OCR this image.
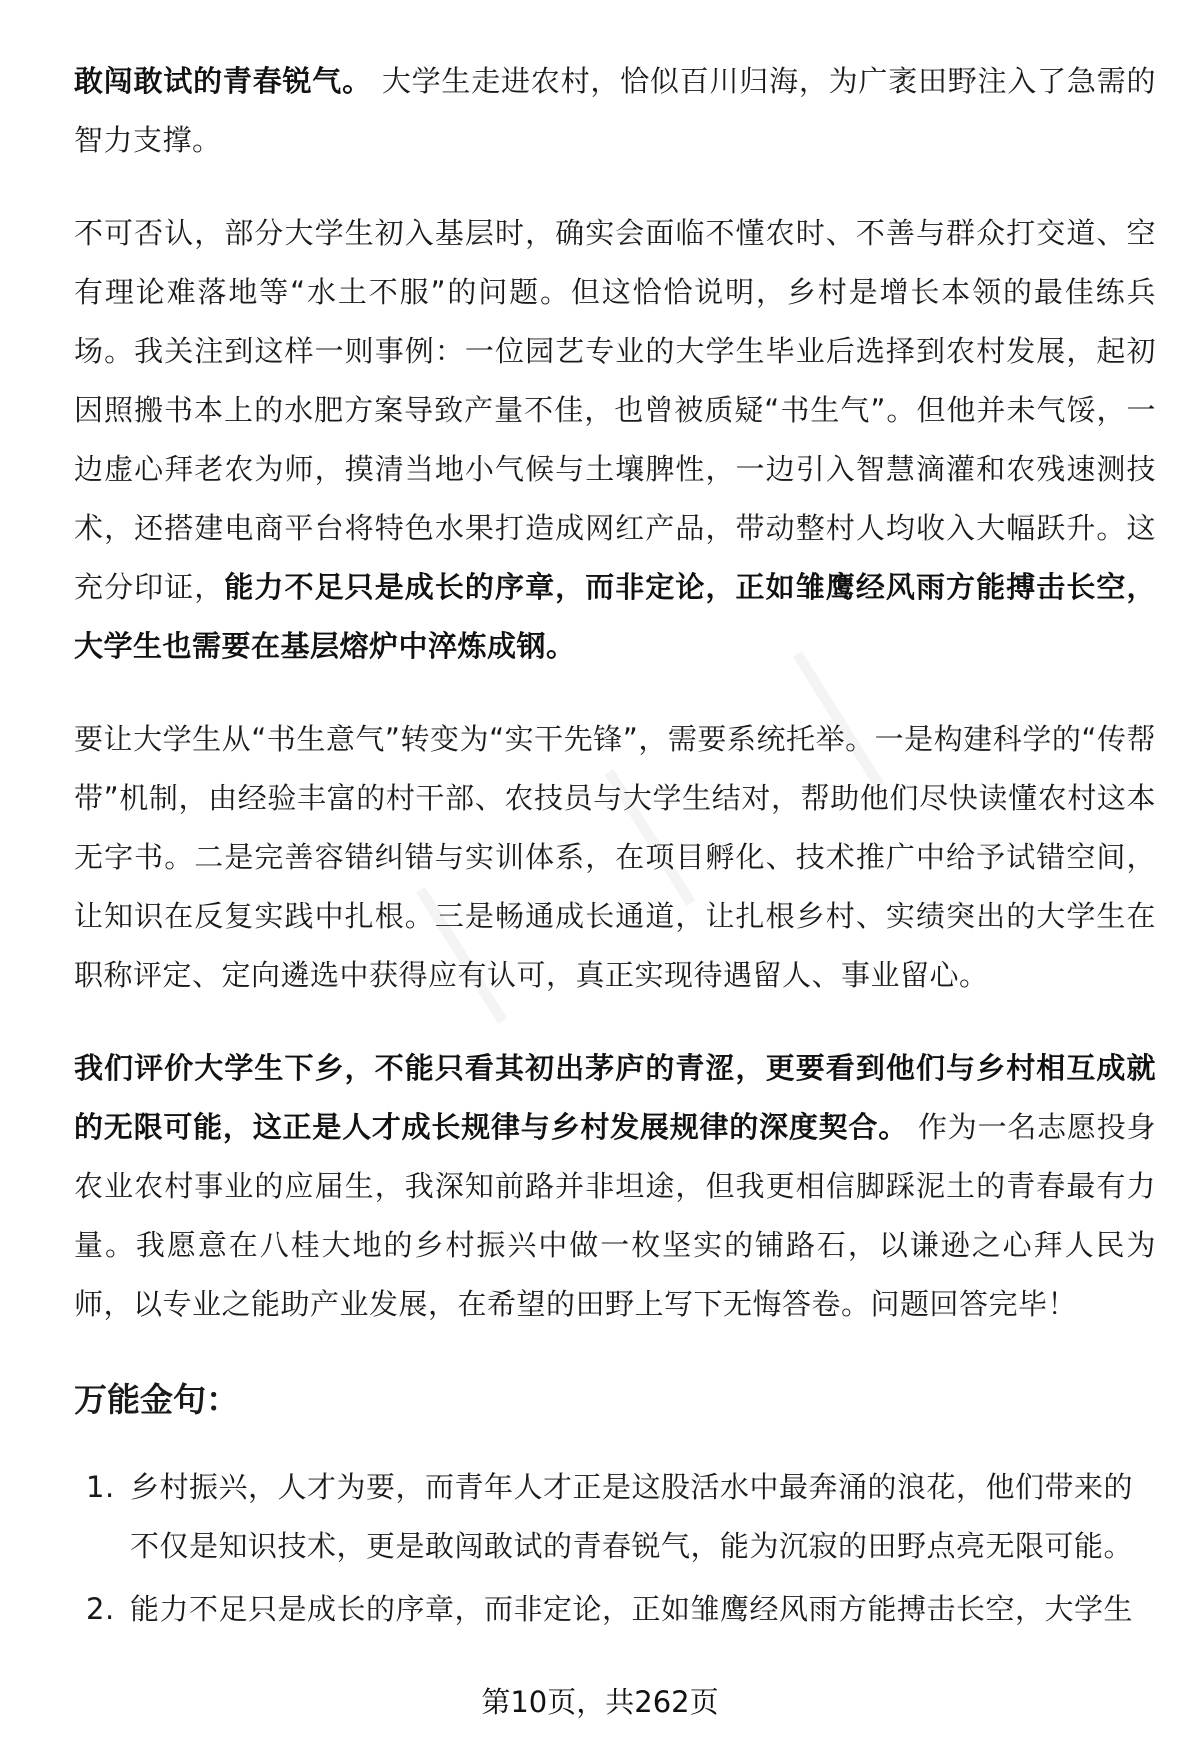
敢闯敢试的青春锐气。 大学生走进农村，恰似百川归海，为广袤田野注入了急需的智力支撑。

不可否认，部分大学生初入基层时，确实会面临不懂农时、不善与群众打交道、空有理论难落地等“水土不服”的问题。但这恰恰说明，乡村是增长本领的最佳练兵场。我关注到这样一则事例：一位园艺专业的大学生毕业后选择到农村发展，起初因照搬书本上的水肥方案导致产量不佳，也曾被质疑“书生气”。但他并未气馁，一边虚心拜老农为师，摸清当地小气候与土壤脾性，一边引入智慧滴灌和农残速测技术，还搭建电商平台将特色水果打造成网红产品，带动整村人均收入大幅跃升。这充分印证，能力不足只是成长的序章，而非定论，正如雏鹰经风雨方能搏击长空，大学生也需要在基层熔炉中淬炼成钢。

要让大学生从“书生意气”转变为“实干先锋”，需要系统托举。一是构建科学的“传帮带”机制，由经验丰富的村干部、农技员与大学生结对，帮助他们尽快读懂农村这本无字书。二是完善容错纠错与实训体系，在项目孵化、技术推广中给予试错空间，让知识在反复实践中扎根。三是畅通成长通道，让扎根乡村、实绩突出的大学生在职称评定、定向遴选中获得应有认可，真正实现待遇留人、事业留心。

我们评价大学生下乡，不能只看其初出茅庐的青涩，更要看到他们与乡村相互成就的无限可能，这正是人才成长规律与乡村发展规律的深度契合。 作为一名志愿投身农业农村事业的应届生，我深知前路并非坦途，但我更相信脚踩泥土的青春最有力量。我愿意在八桂大地的乡村振兴中做一枚坚实的铺路石，以谦逊之心拜人民为师，以专业之能助产业发展，在希望的田野上写下无悔答卷。问题回答完毕！

万能金句：
1. 乡村振兴，人才为要，而青年人才正是这股活水中最奔涌的浪花，他们带来的不仅是知识技术，更是敢闯敢试的青春锐气，能为沉寂的田野点亮无限可能。
2. 能力不足只是成长的序章，而非定论，正如雏鹰经风雨方能搏击长空，大学生
第10页，共262页
